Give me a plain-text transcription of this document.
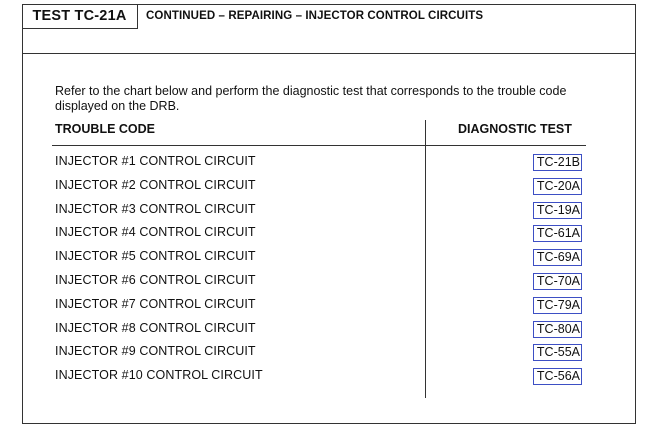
TEST TC-21A	CONTINUED – REPAIRING – INJECTOR CONTROL CIRCUITS
Refer to the chart below and perform the diagnostic test that corresponds to the trouble code displayed on the DRB.
TROUBLE CODE	DIAGNOSTIC TEST
INJECTOR #1 CONTROL CIRCUIT	TC-21B
INJECTOR #2 CONTROL CIRCUIT	TC-20A
INJECTOR #3 CONTROL CIRCUIT	TC-19A
INJECTOR #4 CONTROL CIRCUIT	TC-61A
INJECTOR #5 CONTROL CIRCUIT	TC-69A
INJECTOR #6 CONTROL CIRCUIT	TC-70A
INJECTOR #7 CONTROL CIRCUIT	TC-79A
INJECTOR #8 CONTROL CIRCUIT	TC-80A
INJECTOR #9 CONTROL CIRCUIT	TC-55A
INJECTOR #10 CONTROL CIRCUIT	TC-56A
